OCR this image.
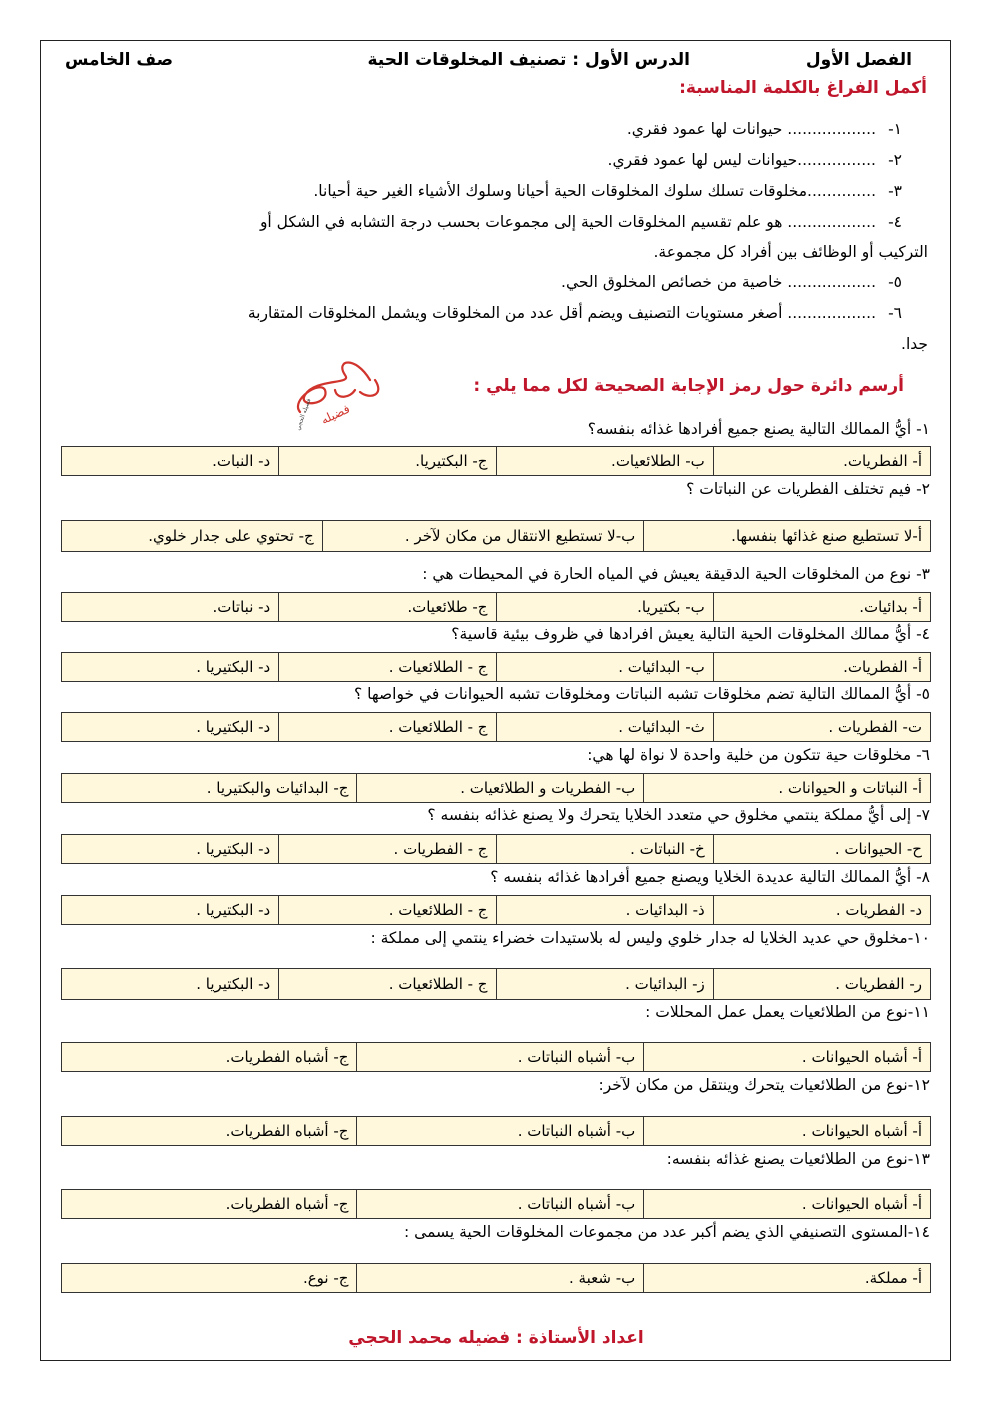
الفصل الأول
الدرس الأول : تصنيف المخلوقات الحية
صف الخامس
أكمل الفراغ بالكلمة المناسبة:
١-.................. حيوانات لها عمود فقري.
٢-................حيوانات ليس لها عمود فقري.
٣-..............مخلوقات تسلك سلوك المخلوقات الحية أحيانا وسلوك الأشياء الغير حية أحيانا.
٤-.................. هو علم تقسيم المخلوقات الحية إلى مجموعات بحسب درجة التشابه في الشكل أو
التركيب أو الوظائف بين أفراد كل مجموعة.
٥-.................. خاصية من خصائص المخلوق الحي.
٦-.................. أصغر مستويات التصنيف ويضم أقل عدد من المخلوقات ويشمل المخلوقات المتقاربة
جدا.
فضيله
فضيله الحجي
أرسم دائرة حول رمز الإجابة الصحيحة لكل مما يلي :
١- أيُّ الممالك التالية يصنع جميع أفرادها غذائه بنفسه؟
أ- الفطريات.	ب- الطلائعيات.	ج- البكتيريا.	د- النبات.
٢- فيم تختلف الفطريات عن النباتات ؟
أ-لا تستطيع صنع غذائها بنفسها.	ب-لا تستطيع الانتقال من مكان لآخر .	ج- تحتوي على جدار خلوي.
٣- نوع من المخلوقات الحية الدقيقة يعيش في المياه الحارة في المحيطات هي :
أ- بدائيات.	ب- بكتيريا.	ج- طلائعيات.	د- نباتات.
٤- أيُّ ممالك المخلوقات الحية التالية يعيش افرادها في ظروف بيئية قاسية؟
أ- الفطريات.	ب- البدائيات .	ج - الطلائعيات .	د- البكتيريا .
٥- أيُّ الممالك التالية تضم مخلوقات تشبه النباتات ومخلوقات تشبه الحيوانات في خواصها ؟
ت- الفطريات .	ث- البدائيات .	ج - الطلائعيات .	د- البكتيريا .
٦- مخلوقات حية تتكون من خلية واحدة لا نواة لها هي:
أ- النباتات و الحيوانات .	ب- الفطريات و الطلائعيات .	ج- البدائيات والبكتيريا .
٧- إلى أيُّ مملكة ينتمي مخلوق حي متعدد الخلايا يتحرك ولا يصنع غذائه بنفسه ؟
ح- الحيوانات .	خ- النباتات .	ج - الفطريات .	د- البكتيريا .
٨- أيُّ الممالك التالية عديدة الخلايا ويصنع جميع أفرادها غذائه بنفسه ؟
د- الفطريات .	ذ- البدائيات .	ج - الطلائعيات .	د- البكتيريا .
١٠-مخلوق حي عديد الخلايا له جدار خلوي وليس له بلاستيدات خضراء ينتمي إلى مملكة :
ر- الفطريات .	ز- البدائيات .	ج - الطلائعيات .	د- البكتيريا .
١١-نوع من الطلائعيات يعمل عمل المحللات :
أ- أشباه الحيوانات .	ب- أشباه النباتات .	ج- أشباه الفطريات.
١٢-نوع من الطلائعيات يتحرك وينتقل من مكان لآخر:
أ- أشباه الحيوانات .	ب- أشباه النباتات .	ج- أشباه الفطريات.
١٣-نوع من الطلائعيات يصنع غذائه بنفسه:
أ- أشباه الحيوانات .	ب- أشباه النباتات .	ج- أشباه الفطريات.
١٤-المستوى التصنيفي الذي يضم أكبر عدد من مجموعات المخلوقات الحية يسمى :
أ- مملكة.	ب- شعبة .	ج- نوع.
اعداد الأستاذة : فضيله محمد الحجي
